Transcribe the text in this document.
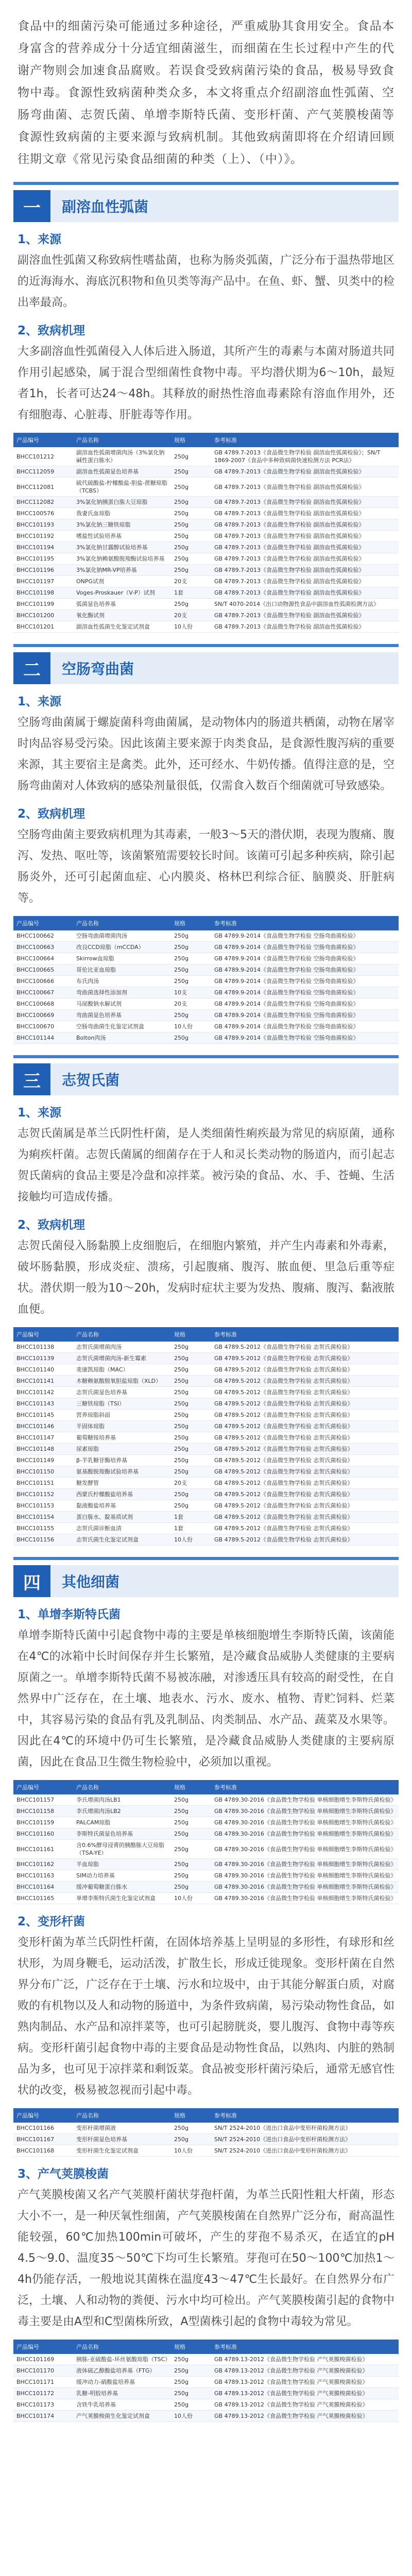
食品中的细菌污染可能通过多种途径，严重威胁其食用安全。食品本身富含的营养成分十分适宜细菌滋生，而细菌在生长过程中产生的代谢产物则会加速食品腐败。若误食受致病菌污染的食品，极易导致食物中毒。食源性致病菌种类众多，本文将重点介绍副溶血性弧菌、空肠弯曲菌、志贺氏菌、单增李斯特氏菌、变形杆菌、产气荚膜梭菌等食源性致病菌的主要来源与致病机制。其他致病菌即将在介绍请回顾往期文章《常见污染食品细菌的种类（上）、（中）》。
一	副溶血性弧菌
1、来源
副溶血性弧菌又称致病性嗜盐菌，也称为肠炎弧菌，广泛分布于温热带地区的近海海水、海底沉积物和鱼贝类等海产品中。在鱼、虾、蟹、贝类中的检出率最高。
2、致病机理
大多副溶血性弧菌侵入人体后进入肠道，其所产生的毒素与本菌对肠道共同作用引起感染，属于混合型细菌性食物中毒。平均潜伏期为6～10h，最短者1h，长者可达24～48h。其释放的耐热性溶血毒素除有溶血作用外，还有细胞毒、心脏毒、肝脏毒等作用。
产品编号	产品名称	规格	参考标准
BHCC101212	副溶血性弧菌增菌肉汤（3%氯化钠碱性蛋白胨水）	250g	GB 4789.7-2013《食品微生物学检验 副溶血性弧菌检验》；SN/T 1869-2007《食品中多种致病菌快速检测方法 PCR法》
BHCC112059	副溶血性弧菌显色培养基	250g	GB 4789.7-2013《食品微生物学检验 副溶血性弧菌检验》
BHCC112081	硫代硫酸盐-柠檬酸盐-胆盐-蔗糖琼脂（TCBS）	250g	GB 4789.7-2013《食品微生物学检验 副溶血性弧菌检验》
BHCC112082	3%氯化钠胰蛋白胨大豆琼脂	250g	GB 4789.7-2013《食品微生物学检验 副溶血性弧菌检验》
BHCC100576	我妻氏血琼脂	250g	GB 4789.7-2013《食品微生物学检验 副溶血性弧菌检验》
BHCC101193	3%氯化钠三糖铁琼脂	250g	GB 4789.7-2013《食品微生物学检验 副溶血性弧菌检验》
BHCC101192	嗜盐性试验培养基	250g	GB 4789.7-2013《食品微生物学检验 副溶血性弧菌检验》
BHCC101194	3%氯化钠甘露醇试验培养基	250g	GB 4789.7-2013《食品微生物学检验 副溶血性弧菌检验》
BHCC101195	3%氯化钠赖氨酸脱羧酶试验培养基	250g	GB 4789.7-2013《食品微生物学检验 副溶血性弧菌检验》
BHCC101196	3%氯化钠MR-VP培养基	250g	GB 4789.7-2013《食品微生物学检验 副溶血性弧菌检验》
BHCC101197	ONPG试剂	20支	GB 4789.7-2013《食品微生物学检验 副溶血性弧菌检验》
BHCC101198	Voges-Proskauer（V-P）试剂	1套	GB 4789.7-2013《食品微生物学检验 副溶血性弧菌检验》
BHCC101199	弧菌显色培养基	250g	SN/T 4070-2014《出口动物源性食品中副溶血性弧菌检测方法》
BHCC101200	氧化酶试剂	20支	GB 4789.7-2013《食品微生物学检验 副溶血性弧菌检验》
BHCC101201	副溶血性弧菌生化鉴定试剂盒	10人份	GB 4789.7-2013《食品微生物学检验 副溶血性弧菌检验》
二	空肠弯曲菌
1、来源
空肠弯曲菌属于螺旋菌科弯曲菌属，是动物体内的肠道共栖菌，动物在屠宰时肉品容易受污染。因此该菌主要来源于肉类食品，是食源性腹泻病的重要来源，其主要宿主是禽类。此外，还可经水、牛奶传播。值得注意的是，空肠弯曲菌对人体致病的感染剂量很低，仅需食入数百个细菌就可导致感染。
2、致病机理
空肠弯曲菌主要致病机理为其毒素，一般3～5天的潜伏期，表现为腹痛、腹泻、发热、呕吐等，该菌繁殖需要较长时间。该菌可引起多种疾病，除引起肠炎外，还可引起菌血症、心内膜炎、格林巴利综合征、脑膜炎、肝脏病等。
产品编号	产品名称	规格	参考标准
BHCC100662	空肠弯曲菌增菌肉汤	250g	GB 4789.9-2014《食品微生物学检验 空肠弯曲菌检验》
BHCC100663	改良CCD琼脂（mCCDA）	250g	GB 4789.9-2014《食品微生物学检验 空肠弯曲菌检验》
BHCC100664	Skirrow血琼脂	250g	GB 4789.9-2014《食品微生物学检验 空肠弯曲菌检验》
BHCC100665	哥伦比亚血琼脂	250g	GB 4789.9-2014《食品微生物学检验 空肠弯曲菌检验》
BHCC100666	布氏肉汤	250g	GB 4789.9-2014《食品微生物学检验 空肠弯曲菌检验》
BHCC100667	弯曲菌选择性添加剂	10支	GB 4789.9-2014《食品微生物学检验 空肠弯曲菌检验》
BHCC100668	马尿酸钠水解试剂	20支	GB 4789.9-2014《食品微生物学检验 空肠弯曲菌检验》
BHCC100669	弯曲菌显色培养基	250g	GB 4789.9-2014《食品微生物学检验 空肠弯曲菌检验》
BHCC100670	空肠弯曲菌生化鉴定试剂盒	10人份	GB 4789.9-2014《食品微生物学检验 空肠弯曲菌检验》
BHCC101144	Bolton肉汤	250g	GB 4789.9-2014《食品微生物学检验 空肠弯曲菌检验》
三	志贺氏菌
1、来源
志贺氏菌属是革兰氏阴性杆菌，是人类细菌性痢疾最为常见的病原菌，通称为痢疾杆菌。志贺氏菌属的细菌存在于人和灵长类动物的肠道内，而引起志贺氏菌病的食品主要是冷盘和凉拌菜。被污染的食品、水、手、苍蝇、生活接触均可造成传播。
2、致病机理
志贺氏菌侵入肠黏膜上皮细胞后，在细胞内繁殖，并产生内毒素和外毒素，破坏肠黏膜，形成炎症、溃疡，引起腹痛、腹泻、脓血便、里急后重等症状。潜伏期一般为10～20h，发病时症状主要为发热、腹痛、腹泻、黏液脓血便。
产品编号	产品名称	规格	参考标准
BHCC101138	志贺氏菌增菌肉汤	250g	GB 4789.5-2012《食品微生物学检验 志贺氏菌检验》
BHCC101139	志贺氏菌增菌肉汤-新生霉素	250g	GB 4789.5-2012《食品微生物学检验 志贺氏菌检验》
BHCC101140	麦康凯琼脂（MAC）	250g	GB 4789.5-2012《食品微生物学检验 志贺氏菌检验》
BHCC101141	木糖赖氨酸脱氧胆盐琼脂（XLD）	250g	GB 4789.5-2012《食品微生物学检验 志贺氏菌检验》
BHCC101142	志贺氏菌显色培养基	250g	GB 4789.5-2012《食品微生物学检验 志贺氏菌检验》
BHCC101143	三糖铁琼脂（TSI）	250g	GB 4789.5-2012《食品微生物学检验 志贺氏菌检验》
BHCC101145	营养琼脂斜面	250g	GB 4789.5-2012《食品微生物学检验 志贺氏菌检验》
BHCC101146	半固体琼脂	250g	GB 4789.5-2012《食品微生物学检验 志贺氏菌检验》
BHCC101147	葡萄糖铵培养基	250g	GB 4789.5-2012《食品微生物学检验 志贺氏菌检验》
BHCC101148	尿素琼脂	250g	GB 4789.5-2012《食品微生物学检验 志贺氏菌检验》
BHCC101149	β-半乳糖苷酶培养基	250g	GB 4789.5-2012《食品微生物学检验 志贺氏菌检验》
BHCC101150	氨基酸脱羧酶试验培养基	250g	GB 4789.5-2012《食品微生物学检验 志贺氏菌检验》
BHCC101151	糖发酵管	20支	GB 4789.5-2012《食品微生物学检验 志贺氏菌检验》
BHCC101152	西蒙氏柠檬酸盐培养基	250g	GB 4789.5-2012《食品微生物学检验 志贺氏菌检验》
BHCC101153	黏液酸盐培养基	250g	GB 4789.5-2012《食品微生物学检验 志贺氏菌检验》
BHCC101154	蛋白胨水、靛基质试剂	1套	GB 4789.5-2012《食品微生物学检验 志贺氏菌检验》
BHCC101155	志贺氏菌诊断血清	1套	GB 4789.5-2012《食品微生物学检验 志贺氏菌检验》
BHCC101156	志贺氏菌生化鉴定试剂盒	10人份	GB 4789.5-2012《食品微生物学检验 志贺氏菌检验》
四	其他细菌
1、单增李斯特氏菌
单增李斯特氏菌中引起食物中毒的主要是单核细胞增生李斯特氏菌，该菌能在4℃的冰箱中长时间保存并生长繁殖，是冷藏食品威胁人类健康的主要病原菌之一。单增李斯特氏菌不易被冻融，对渗透压具有较高的耐受性，在自然界中广泛存在，在土壤、地表水、污水、废水、植物、青贮饲料、烂菜中，其容易污染的食品有乳及乳制品、肉类制品、水产品、蔬菜及水果等。因此在4℃的环境中仍可生长繁殖，是冷藏食品威胁人类健康的主要病原菌，因此在食品卫生微生物检验中，必须加以重视。
产品编号	产品名称	规格	参考标准
BHCC101157	李氏增菌肉汤LB1	250g	GB 4789.30-2016《食品微生物学检验 单核细胞增生李斯特氏菌检验》
BHCC101158	李氏增菌肉汤LB2	250g	GB 4789.30-2016《食品微生物学检验 单核细胞增生李斯特氏菌检验》
BHCC101159	PALCAM琼脂	250g	GB 4789.30-2016《食品微生物学检验 单核细胞增生李斯特氏菌检验》
BHCC101160	李斯特氏菌显色培养基	250g	GB 4789.30-2016《食品微生物学检验 单核细胞增生李斯特氏菌检验》
BHCC101161	含0.6%酵母浸膏的胰酪胨大豆琼脂（TSA-YE）	250g	GB 4789.30-2016《食品微生物学检验 单核细胞增生李斯特氏菌检验》
BHCC101162	羊血琼脂	250g	GB 4789.30-2016《食品微生物学检验 单核细胞增生李斯特氏菌检验》
BHCC101163	SIM动力培养基	250g	GB 4789.30-2016《食品微生物学检验 单核细胞增生李斯特氏菌检验》
BHCC101164	缓冲葡萄糖蛋白胨水	250g	GB 4789.30-2016《食品微生物学检验 单核细胞增生李斯特氏菌检验》
BHCC101165	单增李斯特氏菌生化鉴定试剂盒	10人份	GB 4789.30-2016《食品微生物学检验 单核细胞增生李斯特氏菌检验》
2、变形杆菌
变形杆菌为革兰氏阴性杆菌，在固体培养基上呈明显的多形性，有球形和丝状形，为周身鞭毛，运动活泼，扩散生长，形成迁徙现象。变形杆菌在自然界分布广泛，广泛存在于土壤、污水和垃圾中，由于其能分解蛋白质，对腐败的有机物以及人和动物的肠道中，为条件致病菌，易污染动物性食品，如熟肉制品、水产品和凉拌菜等，也可引起膀胱炎，婴儿腹泻、食物中毒等疾病。变形杆菌引起食物中毒的主要食品是动物性食品，以熟肉、内脏的熟制品为多，也可见于凉拌菜和剩饭菜。食品被变形杆菌污染后，通常无感官性状的改变，极易被忽视而引起中毒。
产品编号	产品名称	规格	参考标准
BHCC101166	变形杆菌增菌液	250g	SN/T 2524-2010《进出口食品中变形杆菌检测方法》
BHCC101167	变形杆菌显色培养基	250g	SN/T 2524-2010《进出口食品中变形杆菌检测方法》
BHCC101168	变形杆菌生化鉴定试剂盒	10人份	SN/T 2524-2010《进出口食品中变形杆菌检测方法》
3、产气荚膜梭菌
产气荚膜梭菌又名产气荚膜杆菌状芽孢杆菌，为革兰氏阳性粗大杆菌，形态大小不一，是一种厌氧性细菌，产气荚膜梭菌在自然界广泛分布，耐高温性能较强，60℃加热100min可破坏，产生的芽孢不易杀灭，在适宜的pH 4.5～9.0、温度35～50℃下均可生长繁殖。芽孢可在50～100℃加热1～4h仍能存活，一般地说其菌株在温度43～47℃生长最好。在自然界分布广泛，土壤、人和动物的粪便、污水中均可检出。产气荚膜梭菌引起的食物中毒主要是由A型和C型菌株所致，A型菌株引起的食物中毒较为常见。
产品编号	产品名称	规格	参考标准
BHCC101169	胰胨-亚硫酸盐-环丝氨酸琼脂（TSC）	250g	GB 4789.13-2012《食品微生物学检验 产气荚膜梭菌检验》
BHCC101170	液体硫乙醇酸盐培养基（FTG）	250g	GB 4789.13-2012《食品微生物学检验 产气荚膜梭菌检验》
BHCC101171	缓冲动力-硝酸盐培养基	250g	GB 4789.13-2012《食品微生物学检验 产气荚膜梭菌检验》
BHCC101172	乳糖-明胶培养基	250g	GB 4789.13-2012《食品微生物学检验 产气荚膜梭菌检验》
BHCC101173	含铁牛乳培养基	250g	GB 4789.13-2012《食品微生物学检验 产气荚膜梭菌检验》
BHCC101174	产气荚膜梭菌生化鉴定试剂盒	10人份	GB 4789.13-2012《食品微生物学检验 产气荚膜梭菌检验》
